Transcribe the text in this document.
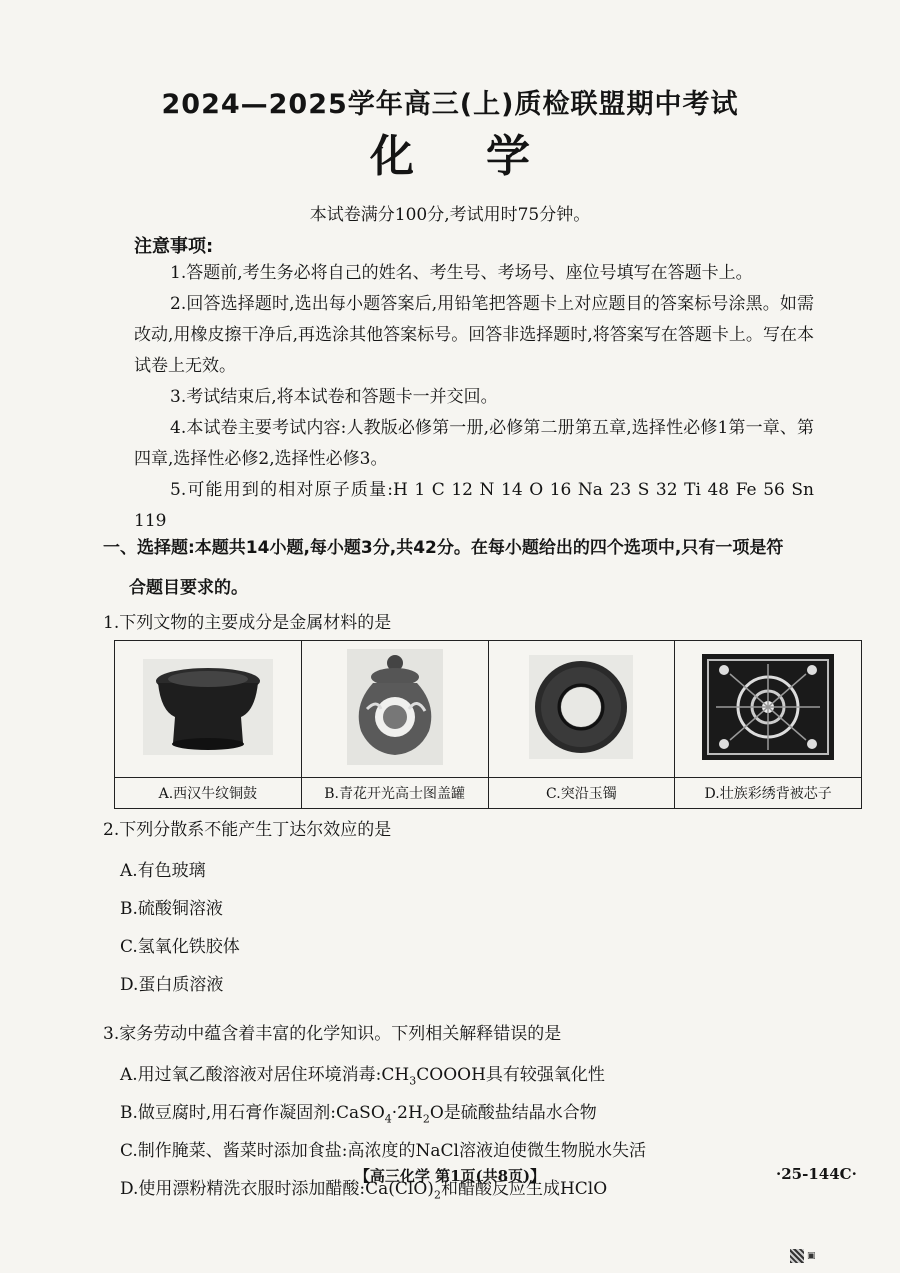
2024—2025学年高三(上)质检联盟期中考试
化 学
本试卷满分100分,考试用时75分钟。
注意事项:

1.答题前,考生务必将自己的姓名、考生号、考场号、座位号填写在答题卡上。

2.回答选择题时,选出每小题答案后,用铅笔把答题卡上对应题目的答案标号涂黑。如需改动,用橡皮擦干净后,再选涂其他答案标号。回答非选择题时,将答案写在答题卡上。写在本试卷上无效。

3.考试结束后,将本试卷和答题卡一并交回。

4.本试卷主要考试内容:人教版必修第一册,必修第二册第五章,选择性必修1第一章、第四章,选择性必修2,选择性必修3。

5.可能用到的相对原子质量:H 1 C 12 N 14 O 16 Na 23 S 32 Ti 48 Fe 56 Sn 119

一、选择题:本题共14小题,每小题3分,共42分。在每小题给出的四个选项中,只有一项是符
合题目要求的。
1.下列文物的主要成分是金属材料的是

A.西汉牛纹铜鼓	B.青花开光高士图盖罐	C.突沿玉镯	D.壮族彩绣背被芯子
2.下列分散系不能产生丁达尔效应的是
A.有色玻璃
B.硫酸铜溶液
C.氢氧化铁胶体
D.蛋白质溶液
3.家务劳动中蕴含着丰富的化学知识。下列相关解释错误的是
A.用过氧乙酸溶液对居住环境消毒$:CH_3COOOH$具有较强氧化性
B.做豆腐时,用石膏作凝固剂$:CaSO_4\cdot 2H_2O$是硫酸盐结晶水合物
C.制作腌菜、酱菜时添加食盐:高浓度的NaCl溶液迫使微生物脱水失活
D.使用漂粉精洗衣服时添加醋酸$:Ca(ClO)_2$和醋酸反应生成HClO
【高三化学 第1页(共8页)】	·25-144C·
▣
